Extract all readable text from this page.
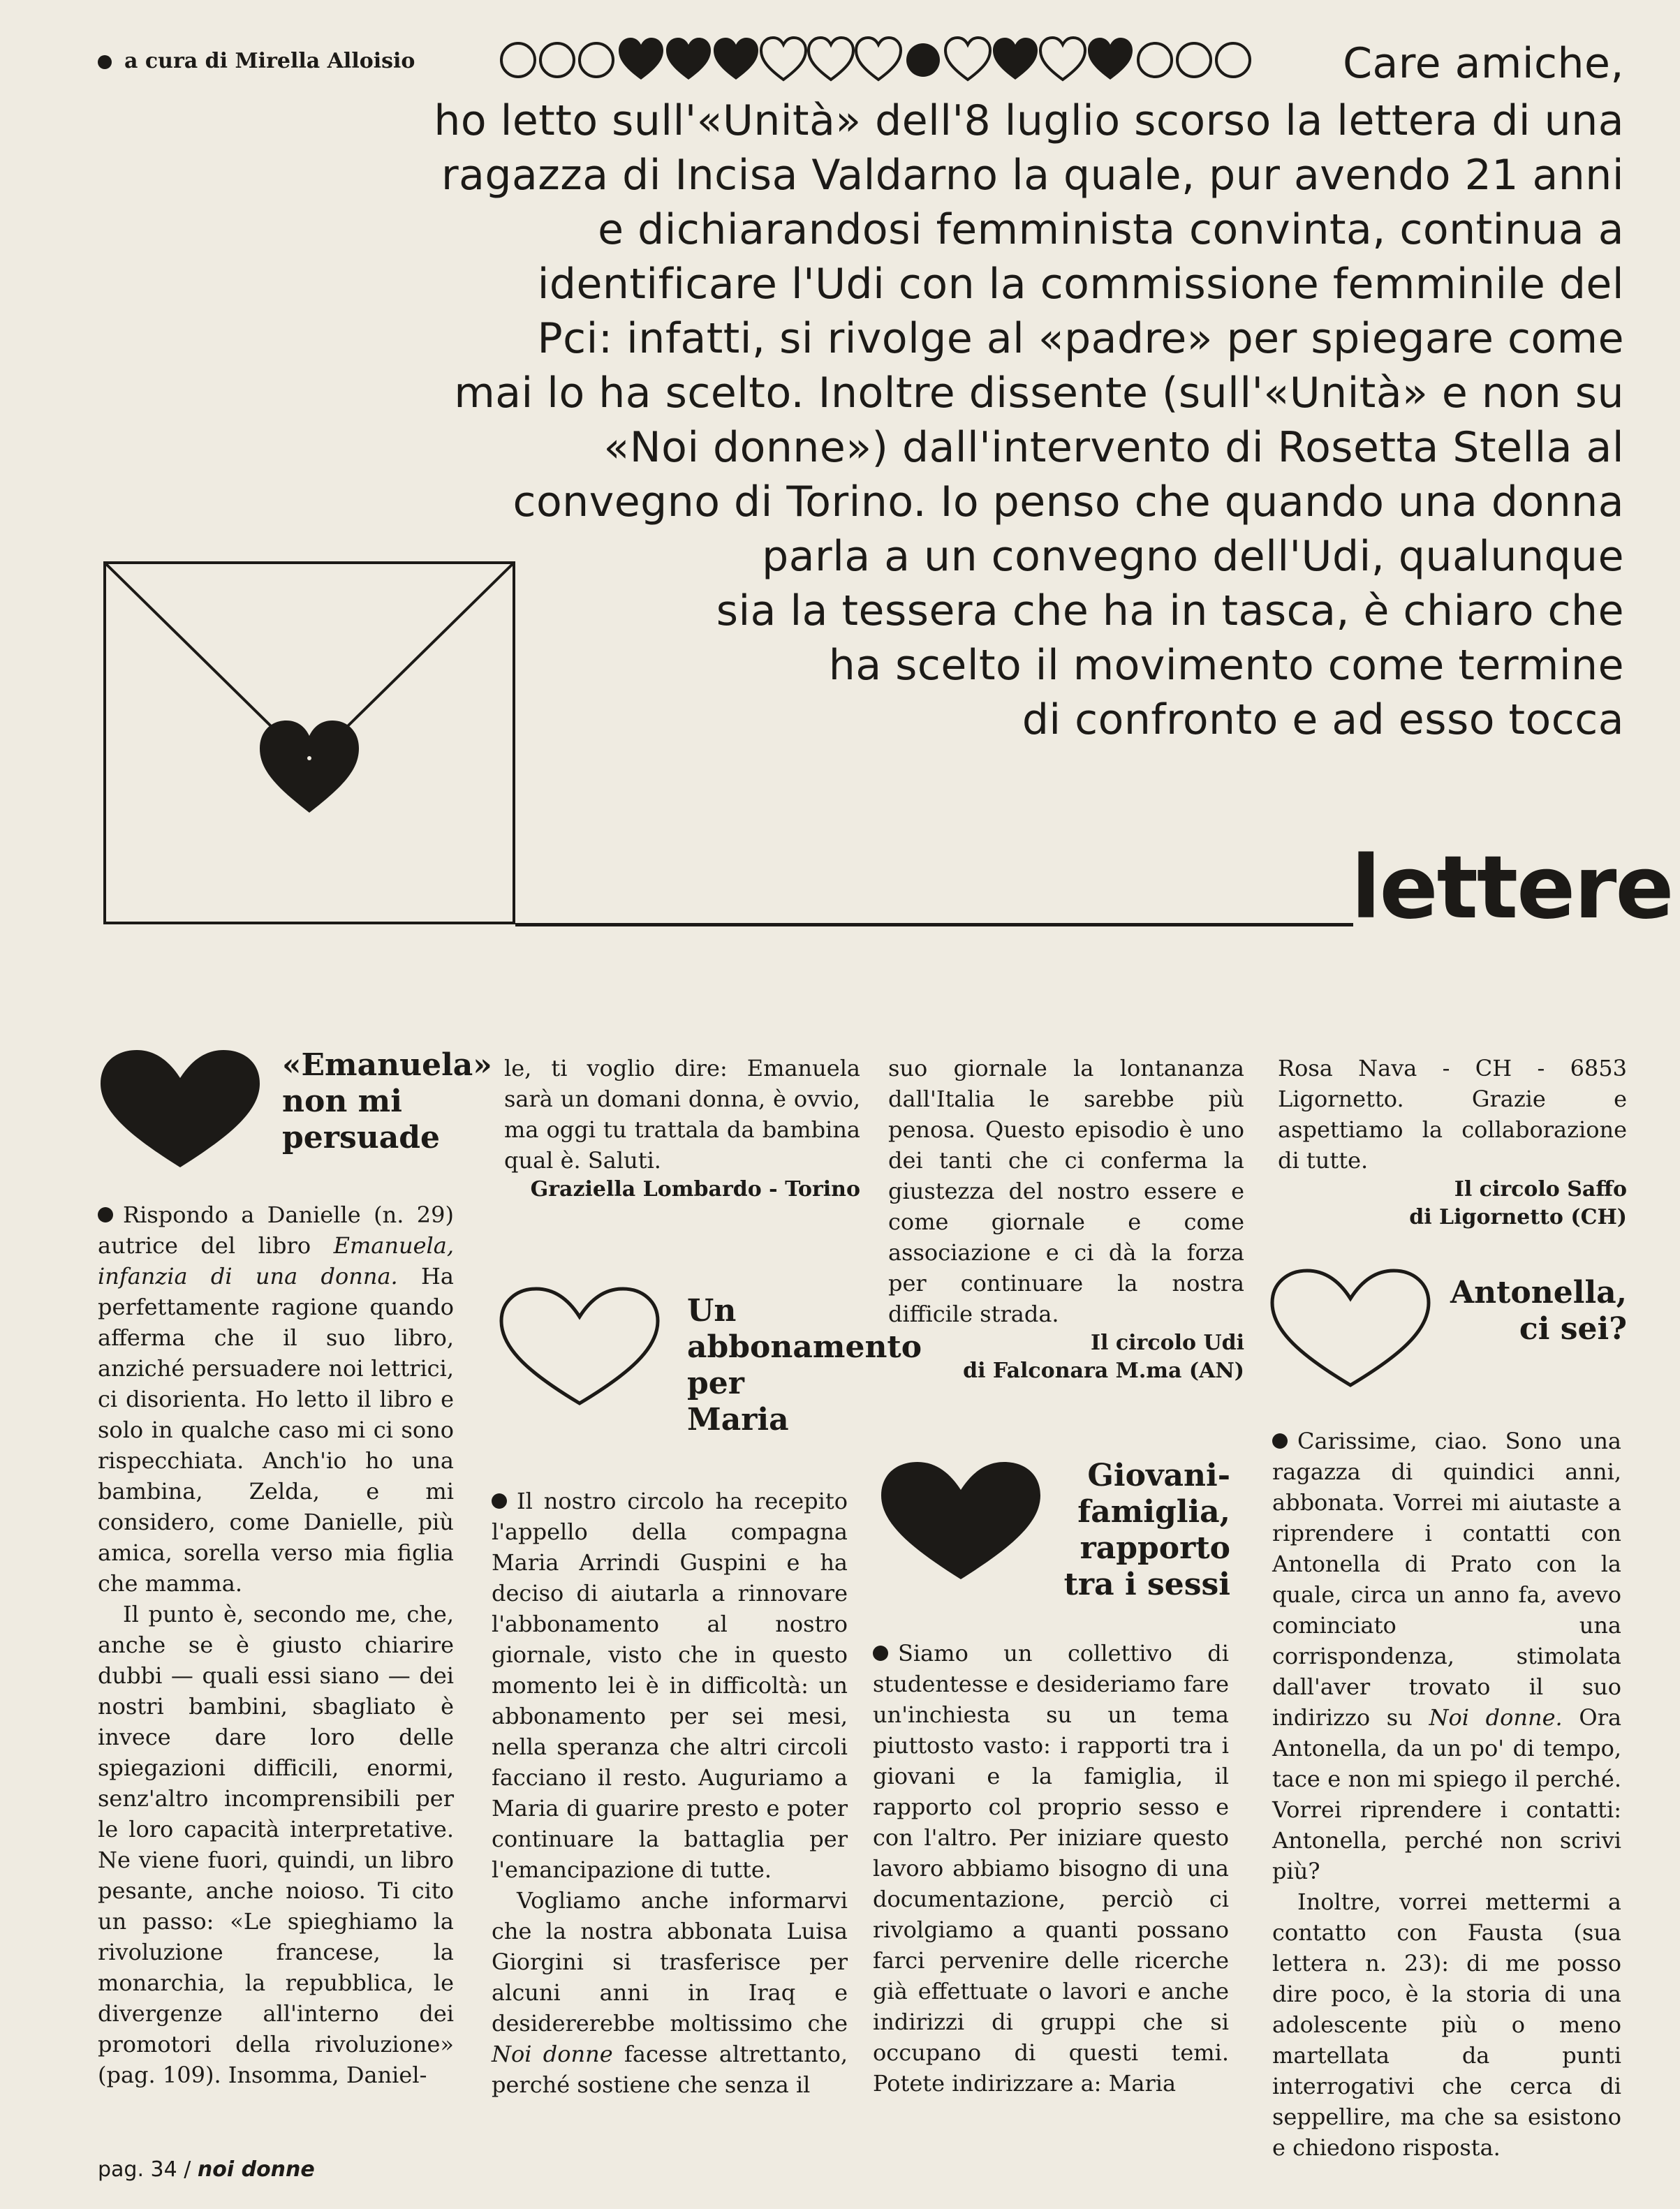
a cura di Mirella Alloisio	Care amiche,
ho letto sull'«Unità» dell'8 luglio scorso la lettera di una
ragazza di Incisa Valdarno la quale, pur avendo 21 anni
e dichiarandosi femminista convinta, continua a
identificare l'Udi con la commissione femminile del
Pci: infatti, si rivolge al «padre» per spiegare come
mai lo ha scelto. Inoltre dissente (sull'«Unità» e non su
«Noi donne») dall'intervento di Rosetta Stella al
convegno di Torino. Io penso che quando una donna
parla a un convegno dell'Udi, qualunque
sia la tessera che ha in tasca, è chiaro che
ha scelto il movimento come termine
di confronto e ad esso tocca
lettere
«Emanuela» non mi persuade

Rispondo a Danielle (n. 29) autrice del libro Emanuela, infanzia di una donna. Ha perfettamente ragione quando afferma che il suo libro, anziché persuadere noi lettrici, ci disorienta. Ho letto il libro e solo in qualche caso mi ci sono rispecchiata. Anch'io ho una bambina, Zelda, e mi considero, come Danielle, più amica, sorella verso mia figlia che mamma.

Il punto è, secondo me, che, anche se è giusto chiarire dubbi — quali essi siano — dei nostri bambini, sbagliato è invece dare loro delle spiegazioni difficili, enormi, senz'altro incomprensibili per le loro capacità interpretative. Ne viene fuori, quindi, un libro pesante, anche noioso. Ti cito un passo: «Le spieghiamo la rivoluzione francese, la monarchia, la repubblica, le divergenze all'interno dei promotori della rivoluzione» (pag. 109). Insomma, Daniel-

le, ti voglio dire: Emanuela sarà un domani donna, è ovvio, ma oggi tu trattala da bambina qual è. Saluti.

Graziella Lombardo - Torino
Un abbonamento per Maria

Il nostro circolo ha recepito l'appello della compagna Maria Arrindi Guspini e ha deciso di aiutarla a rinnovare l'abbonamento al nostro giornale, visto che in questo momento lei è in difficoltà: un abbonamento per sei mesi, nella speranza che altri circoli facciano il resto. Auguriamo a Maria di guarire presto e poter continuare la battaglia per l'emancipazione di tutte.

Vogliamo anche informarvi che la nostra abbonata Luisa Giorgini si trasferisce per alcuni anni in Iraq e desidererebbe moltissimo che Noi donne facesse altrettanto, perché sostiene che senza il

suo giornale la lontananza dall'Italia le sarebbe più penosa. Questo episodio è uno dei tanti che ci conferma la giustezza del nostro essere e come giornale e come associazione e ci dà la forza per continuare la nostra difficile strada.

Il circolo Udi
di Falconara M.ma (AN)
Giovani-famiglia, rapporto tra i sessi

Siamo un collettivo di studentesse e desideriamo fare un'inchiesta su un tema piuttosto vasto: i rapporti tra i giovani e la famiglia, il rapporto col proprio sesso e con l'altro. Per iniziare questo lavoro abbiamo bisogno di una documentazione, perciò ci rivolgiamo a quanti possano farci pervenire delle ricerche già effettuate o lavori e anche indirizzi di gruppi che si occupano di questi temi. Potete indirizzare a: Maria

Rosa Nava - CH - 6853 Ligornetto. Grazie e aspettiamo la collaborazione di tutte.

Il circolo Saffo
di Ligornetto (CH)
Antonella, ci sei?

Carissime, ciao. Sono una ragazza di quindici anni, abbonata. Vorrei mi aiutaste a riprendere i contatti con Antonella di Prato con la quale, circa un anno fa, avevo cominciato una corrispondenza, stimolata dall'aver trovato il suo indirizzo su Noi donne. Ora Antonella, da un po' di tempo, tace e non mi spiego il perché. Vorrei riprendere i contatti: Antonella, perché non scrivi più?

Inoltre, vorrei mettermi a contatto con Fausta (sua lettera n. 23): di me posso dire poco, è la storia di una adolescente più o meno martellata da punti interrogativi che cerca di seppellire, ma che sa esistono e chiedono risposta.

pag. 34 / noi donne
